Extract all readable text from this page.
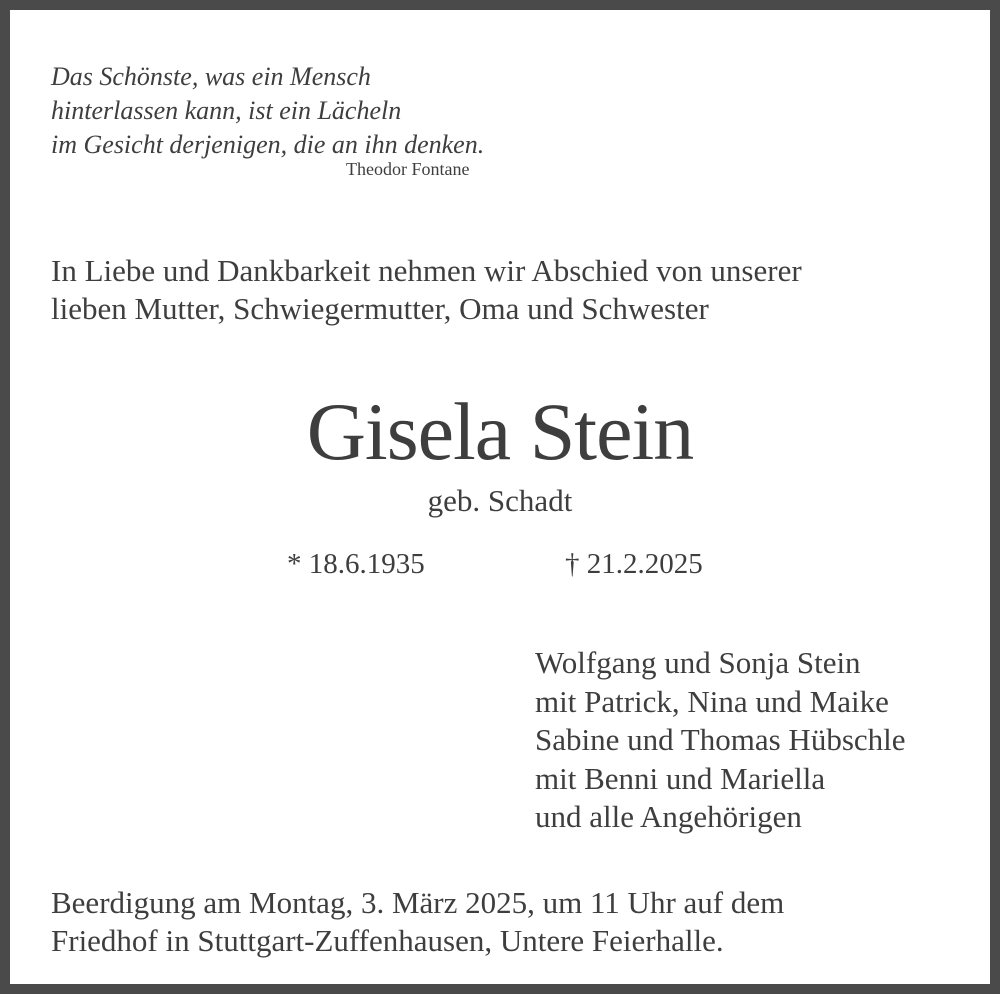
Das Schönste, was ein Mensch
hinterlassen kann, ist ein Lächeln
im Gesicht derjenigen, die an ihn denken.
Theodor Fontane
In Liebe und Dankbarkeit nehmen wir Abschied von unserer
lieben Mutter, Schwiegermutter, Oma und Schwester
Gisela Stein
geb. Schadt
* 18.6.1935	† 21.2.2025
Wolfgang und Sonja Stein
mit Patrick, Nina und Maike
Sabine und Thomas Hübschle
mit Benni und Mariella
und alle Angehörigen
Beerdigung am Montag, 3. März 2025, um 11 Uhr auf dem
Friedhof in Stuttgart-Zuffenhausen, Untere Feierhalle.
